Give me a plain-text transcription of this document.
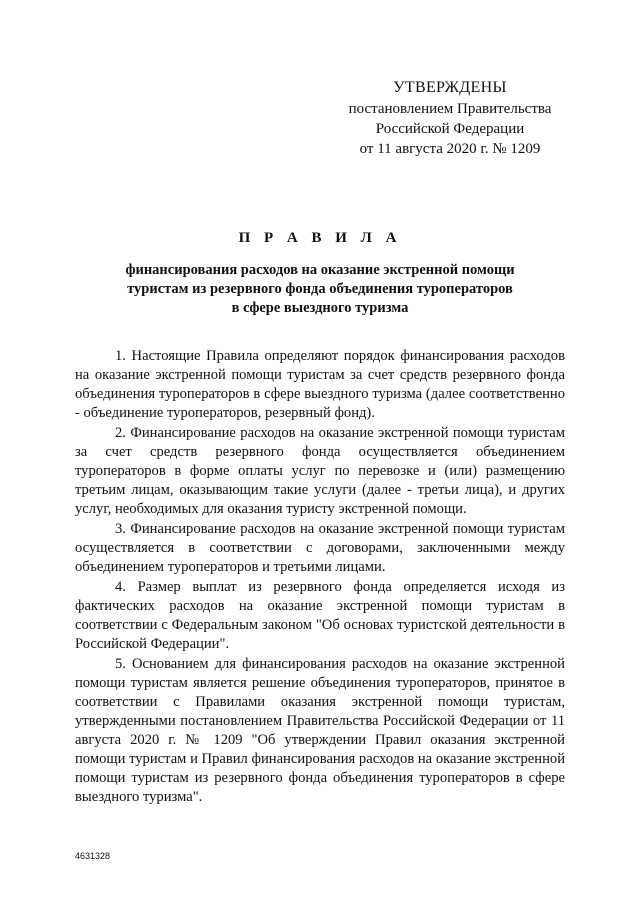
УТВЕРЖДЕНЫ
постановлением Правительства
Российской Федерации
от 11 августа 2020 г. № 1209
П Р А В И Л А
финансирования расходов на оказание экстренной помощи
туристам из резервного фонда объединения туроператоров
в сфере выездного туризма

1. Настоящие Правила определяют порядок финансирования расходов на оказание экстренной помощи туристам за счет средств резервного фонда объединения туроператоров в сфере выездного туризма (далее соответственно - объединение туроператоров, резервный фонд).

2. Финансирование расходов на оказание экстренной помощи туристам за счет средств резервного фонда осуществляется объединением туроператоров в форме оплаты услуг по перевозке и (или) размещению третьим лицам, оказывающим такие услуги (далее - третьи лица), и других услуг, необходимых для оказания туристу экстренной помощи.

3. Финансирование расходов на оказание экстренной помощи туристам осуществляется в соответствии с договорами, заключенными между объединением туроператоров и третьими лицами.

4. Размер выплат из резервного фонда определяется исходя из фактических расходов на оказание экстренной помощи туристам в соответствии с Федеральным законом "Об основах туристской деятельности в Российской Федерации".

5. Основанием для финансирования расходов на оказание экстренной помощи туристам является решение объединения туроператоров, принятое в соответствии с Правилами оказания экстренной помощи туристам, утвержденными постановлением Правительства Российской Федерации от 11 августа 2020 г. № 1209 "Об утверждении Правил оказания экстренной помощи туристам и Правил финансирования расходов на оказание экстренной помощи туристам из резервного фонда объединения туроператоров в сфере выездного туризма".

4631328
